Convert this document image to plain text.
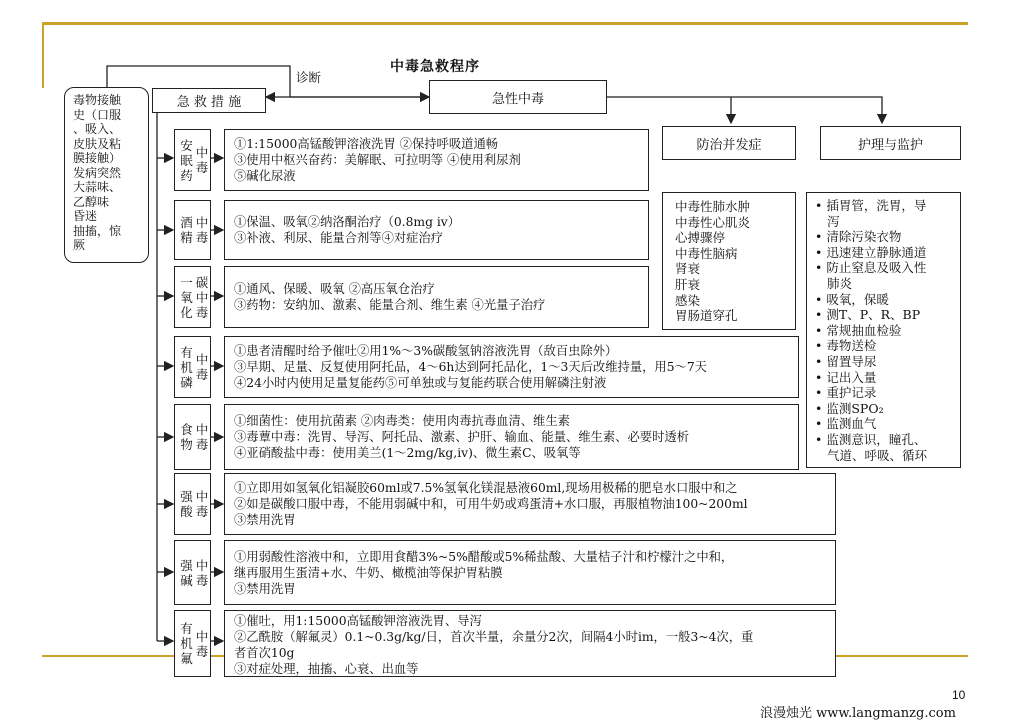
中毒急救程序
诊断
毒物接触
史（口服
、吸入、
皮肤及粘
膜接触）
发病突然
大蒜味、
乙醇味
昏迷
抽搐，惊
厥
急性中毒
急 救 措 施
防治并发症	护理与监护
中毒性肺水肿
中毒性心肌炎
心搏骤停
中毒性脑病
肾衰
肝衰
感染
胃肠道穿孔
• 插胃管，洗胃，导
泻
• 清除污染衣物
• 迅速建立静脉通道
• 防止窒息及吸入性
肺炎
• 吸氧，保暖
• 测T、P、R、BP
• 常规抽血检验
• 毒物送检
• 留置导尿
• 记出入量
• 重护记录
• 监测SPO₂
• 监测血气
• 监测意识，瞳孔、
气道、呼吸、循环
安
眠
药
中
毒
①1:15000高锰酸钾溶液洗胃 ②保持呼吸道通畅
③使用中枢兴奋药：美解眠、可拉明等 ④使用利尿剂
⑤碱化尿液
酒
精
中
毒
①保温、吸氧②纳洛酮治疗（0.8mg iv）
③补液、利尿、能量合剂等④对症治疗
一
氧
化
碳
中
毒
①通风、保暖、吸氧 ②高压氧仓治疗
③药物：安纳加、激素、能量合剂、维生素 ④光量子治疗
有
机
磷
中
毒
①患者清醒时给予催吐②用1%～3%碳酸氢钠溶液洗胃（敌百虫除外）
③早期、足量、反复使用阿托品，4～6h达到阿托品化，1～3天后改维持量，用5～7天
④24小时内使用足量复能药⑤可单独或与复能药联合使用解磷注射液
食
物
中
毒
①细菌性：使用抗菌素 ②肉毒类：使用肉毒抗毒血清、维生素
③毒蕈中毒：洗胃、导泻、阿托品、激素、护肝、输血、能量、维生素、必要时透析
④亚硝酸盐中毒：使用美兰(1～2mg/kg,iv)、微生素C、吸氧等
强
酸
中
毒
①立即用如氢氧化铝凝胶60ml或7.5%氢氧化镁混悬液60ml,现场用极稀的肥皂水口服中和之
②如是碳酸口服中毒，不能用弱碱中和，可用牛奶或鸡蛋清+水口服，再服植物油100~200ml
③禁用洗胃
强
碱
中
毒
①用弱酸性溶液中和，立即用食醋3%~5%醋酸或5%稀盐酸、大量桔子汁和柠檬汁之中和，
继再服用生蛋清+水、牛奶、橄榄油等保护胃粘膜
③禁用洗胃
有
机
氟
中
毒
①催吐，用1:15000高锰酸钾溶液洗胃、导泻
②乙酰胺（解氟灵）0.1~0.3g/kg/日，首次半量，余量分2次，间隔4小时im，一般3~4次，重
者首次10g
③对症处理，抽搐、心衰、出血等
10
浪漫烛光 www.langmanzg.com
